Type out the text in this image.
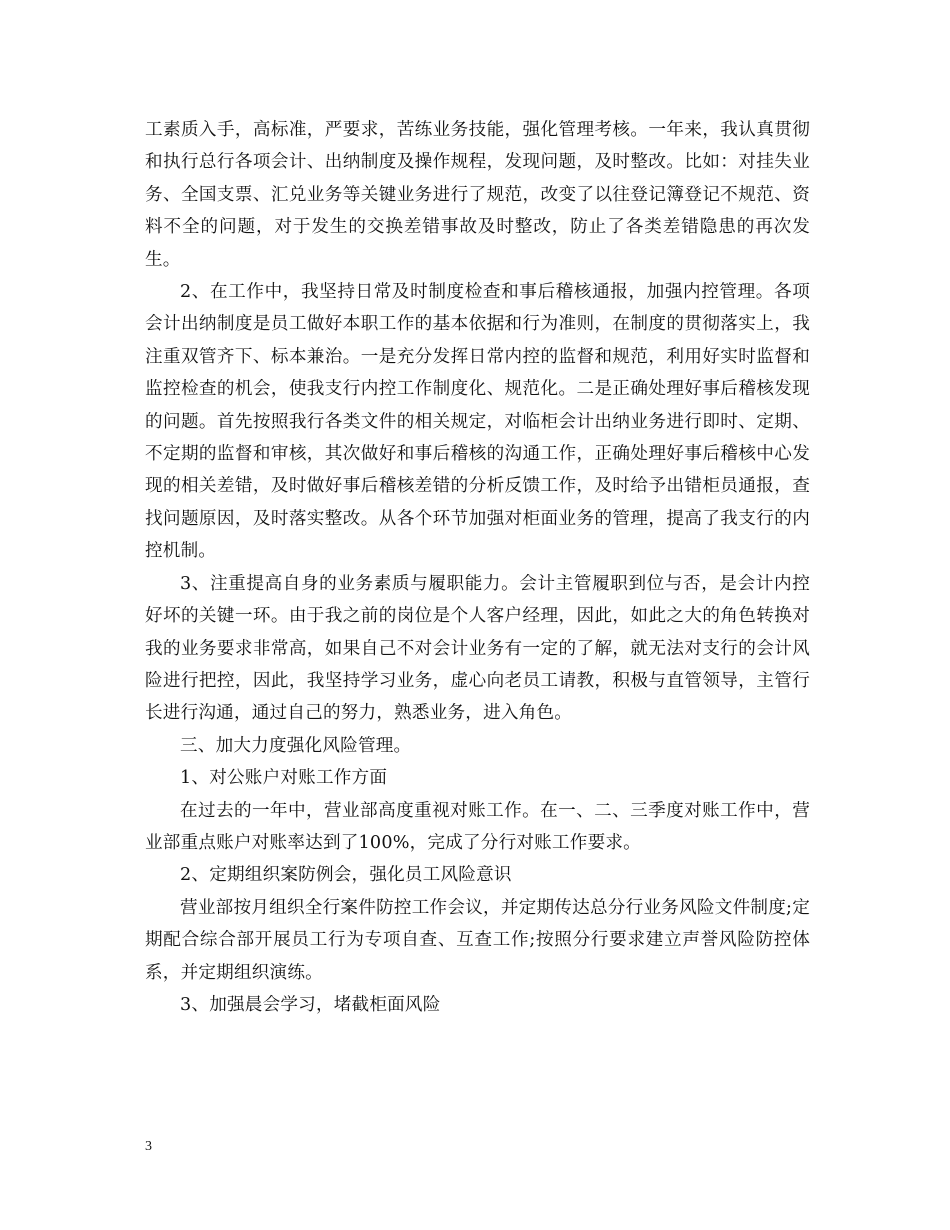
工素质入手，高标准，严要求，苦练业务技能，强化管理考核。一年来，我认真贯彻和执行总行各项会计、出纳制度及操作规程，发现问题，及时整改。比如：对挂失业务、全国支票、汇兑业务等关键业务进行了规范，改变了以往登记簿登记不规范、资料不全的问题，对于发生的交换差错事故及时整改，防止了各类差错隐患的再次发生。

2、在工作中，我坚持日常及时制度检查和事后稽核通报，加强内控管理。各项会计出纳制度是员工做好本职工作的基本依据和行为准则，在制度的贯彻落实上，我注重双管齐下、标本兼治。一是充分发挥日常内控的监督和规范，利用好实时监督和监控检查的机会，使我支行内控工作制度化、规范化。二是正确处理好事后稽核发现的问题。首先按照我行各类文件的相关规定，对临柜会计出纳业务进行即时、定期、不定期的监督和审核，其次做好和事后稽核的沟通工作，正确处理好事后稽核中心发现的相关差错，及时做好事后稽核差错的分析反馈工作，及时给予出错柜员通报，查找问题原因，及时落实整改。从各个环节加强对柜面业务的管理，提高了我支行的内控机制。

3、注重提高自身的业务素质与履职能力。会计主管履职到位与否，是会计内控好坏的关键一环。由于我之前的岗位是个人客户经理，因此，如此之大的角色转换对我的业务要求非常高，如果自己不对会计业务有一定的了解，就无法对支行的会计风险进行把控，因此，我坚持学习业务，虚心向老员工请教，积极与直管领导，主管行长进行沟通，通过自己的努力，熟悉业务，进入角色。

三、加大力度强化风险管理。

1、对公账户对账工作方面

在过去的一年中，营业部高度重视对账工作。在一、二、三季度对账工作中，营业部重点账户对账率达到了100%，完成了分行对账工作要求。

2、定期组织案防例会，强化员工风险意识

营业部按月组织全行案件防控工作会议，并定期传达总分行业务风险文件制度;定期配合综合部开展员工行为专项自查、互查工作;按照分行要求建立声誉风险防控体系，并定期组织演练。

3、加强晨会学习，堵截柜面风险

3
